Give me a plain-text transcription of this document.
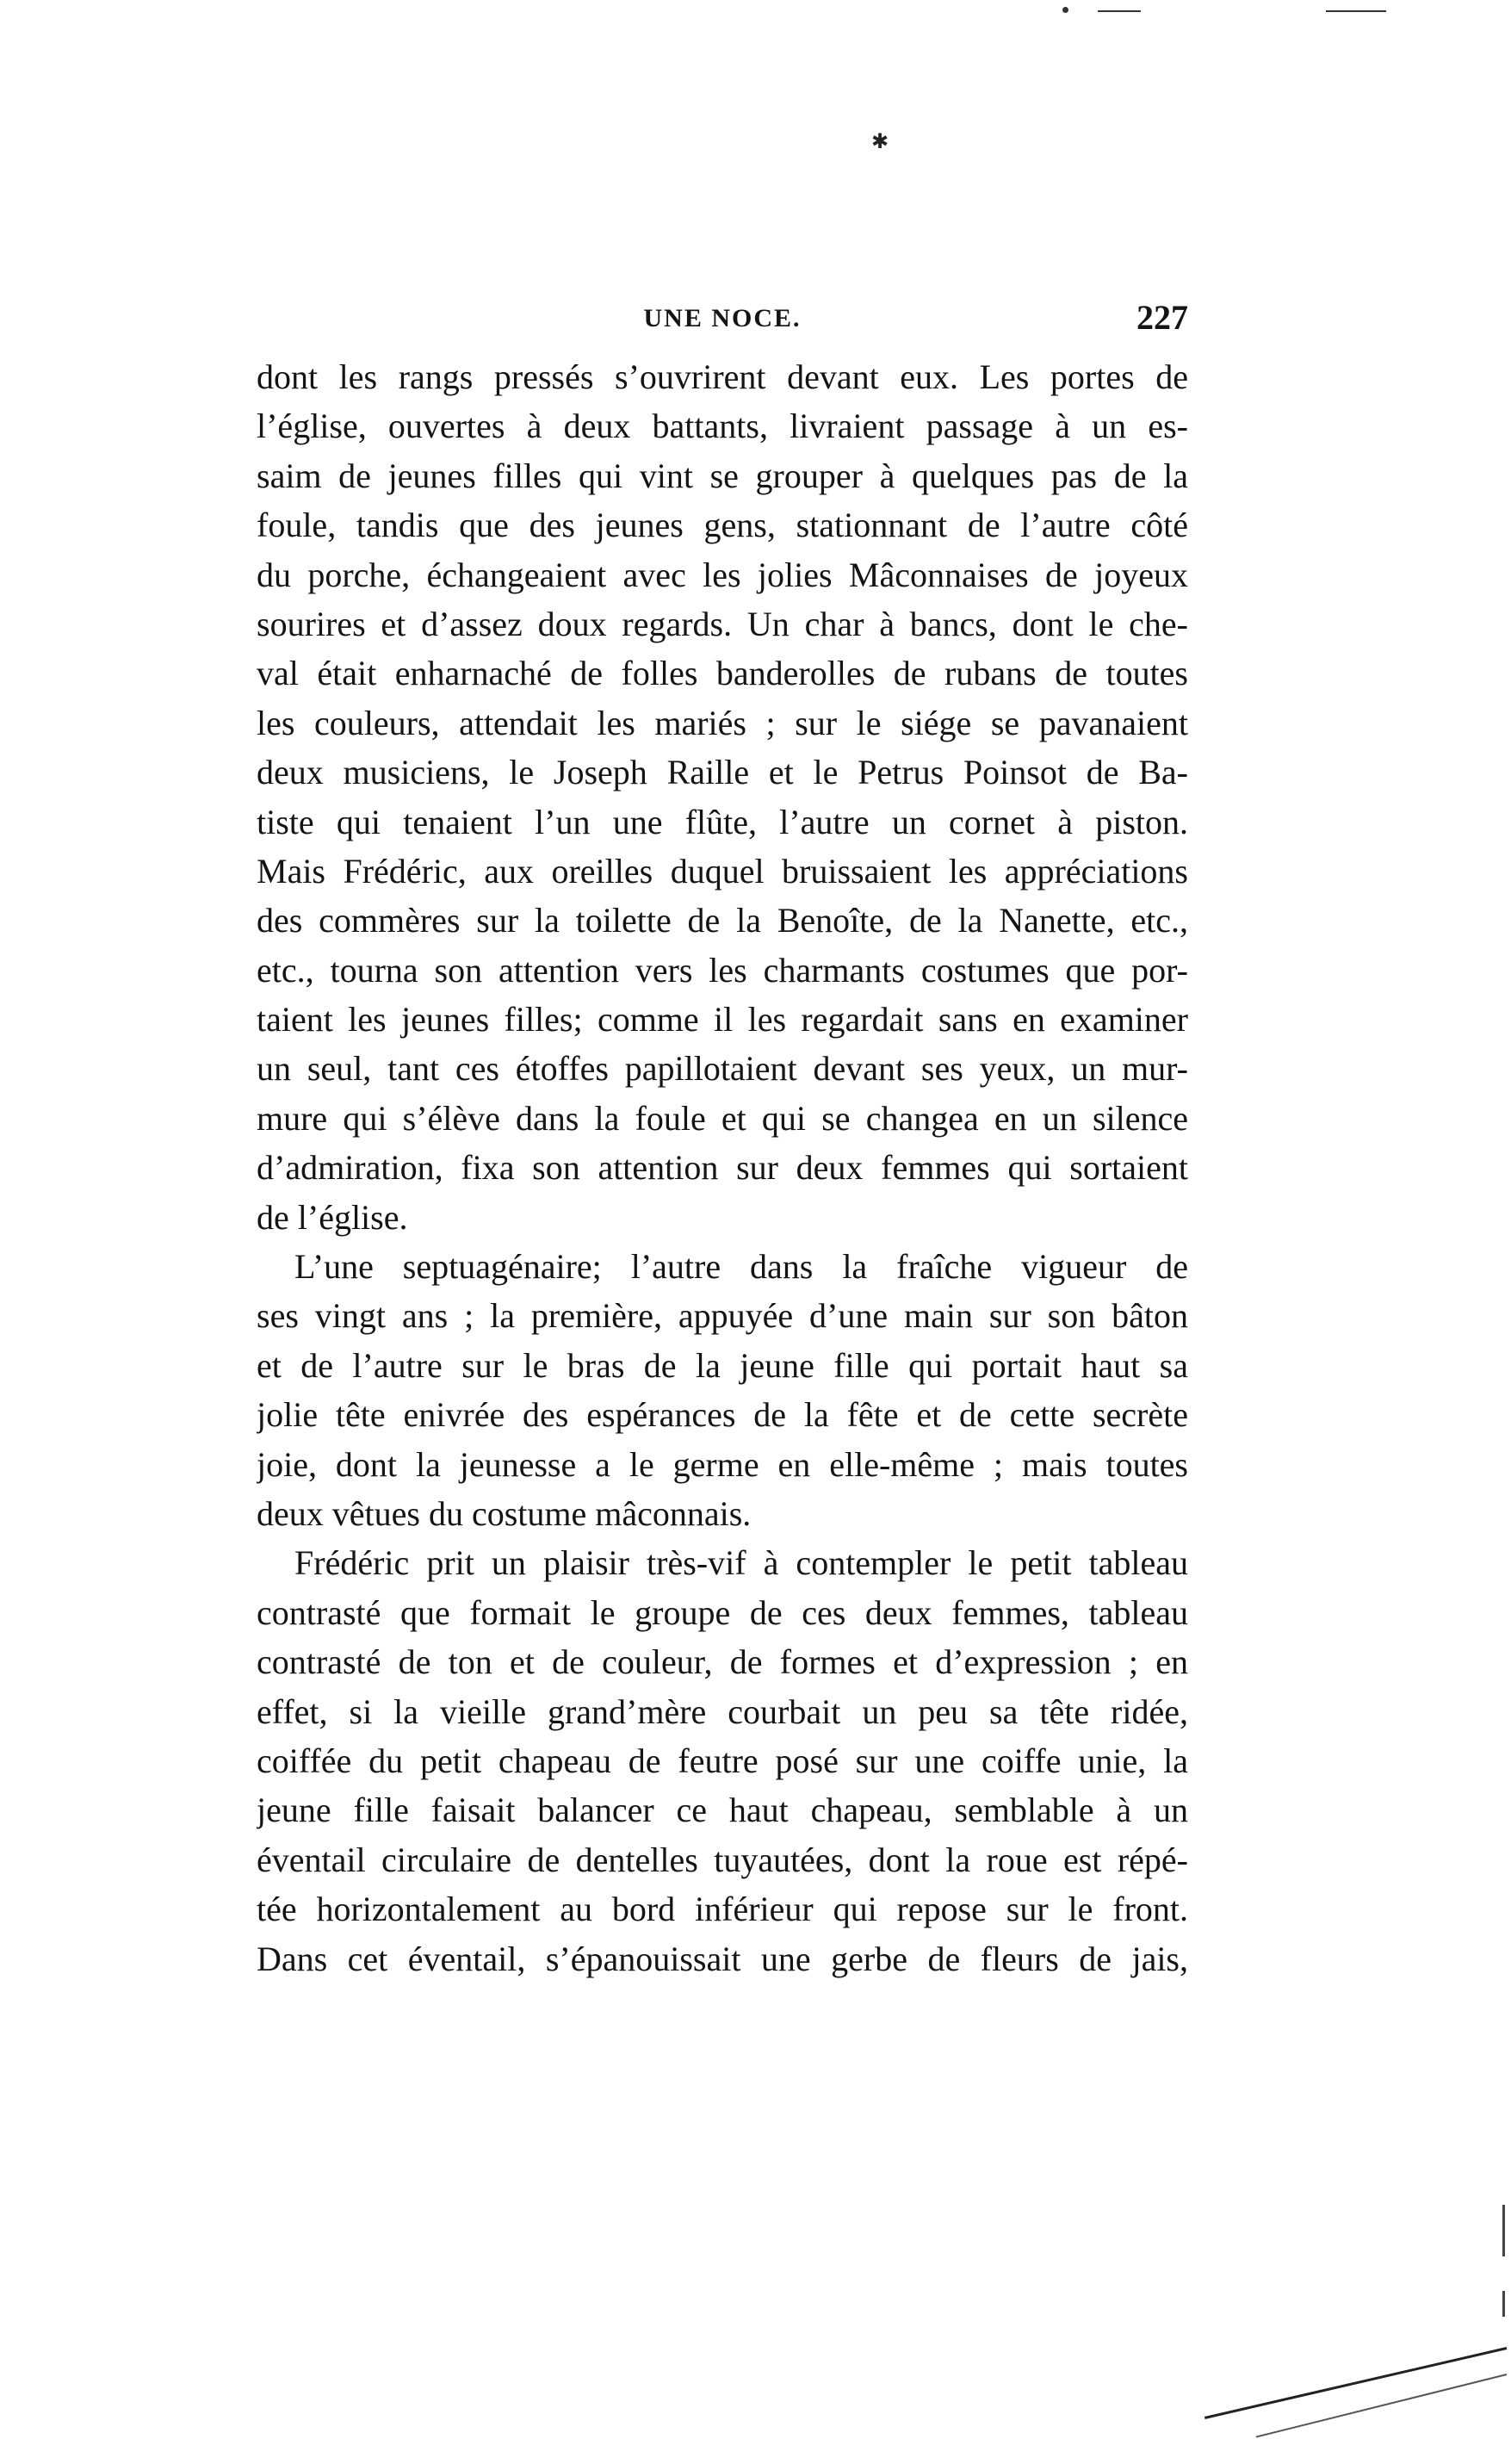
✱
UNE NOCE.	227
dont les rangs pressés s’ouvrirent devant eux. Les portes de
l’église, ouvertes à deux battants, livraient passage à un es-
saim de jeunes filles qui vint se grouper à quelques pas de la
foule, tandis que des jeunes gens, stationnant de l’autre côté
du porche, échangeaient avec les jolies Mâconnaises de joyeux
sourires et d’assez doux regards. Un char à bancs, dont le che-
val était enharnaché de folles banderolles de rubans de toutes
les couleurs, attendait les mariés ; sur le siége se pavanaient
deux musiciens, le Joseph Raille et le Petrus Poinsot de Ba-
tiste qui tenaient l’un une flûte, l’autre un cornet à piston.
Mais Frédéric, aux oreilles duquel bruissaient les appréciations
des commères sur la toilette de la Benoîte, de la Nanette, etc.,
etc., tourna son attention vers les charmants costumes que por-
taient les jeunes filles; comme il les regardait sans en examiner
un seul, tant ces étoffes papillotaient devant ses yeux, un mur-
mure qui s’élève dans la foule et qui se changea en un silence
d’admiration, fixa son attention sur deux femmes qui sortaient
de l’église.
L’une septuagénaire; l’autre dans la fraîche vigueur de
ses vingt ans ; la première, appuyée d’une main sur son bâton
et de l’autre sur le bras de la jeune fille qui portait haut sa
jolie tête enivrée des espérances de la fête et de cette secrète
joie, dont la jeunesse a le germe en elle-même ; mais toutes
deux vêtues du costume mâconnais.
Frédéric prit un plaisir très-vif à contempler le petit tableau
contrasté que formait le groupe de ces deux femmes, tableau
contrasté de ton et de couleur, de formes et d’expression ; en
effet, si la vieille grand’mère courbait un peu sa tête ridée,
coiffée du petit chapeau de feutre posé sur une coiffe unie, la
jeune fille faisait balancer ce haut chapeau, semblable à un
éventail circulaire de dentelles tuyautées, dont la roue est répé-
tée horizontalement au bord inférieur qui repose sur le front.
Dans cet éventail, s’épanouissait une gerbe de fleurs de jais,
